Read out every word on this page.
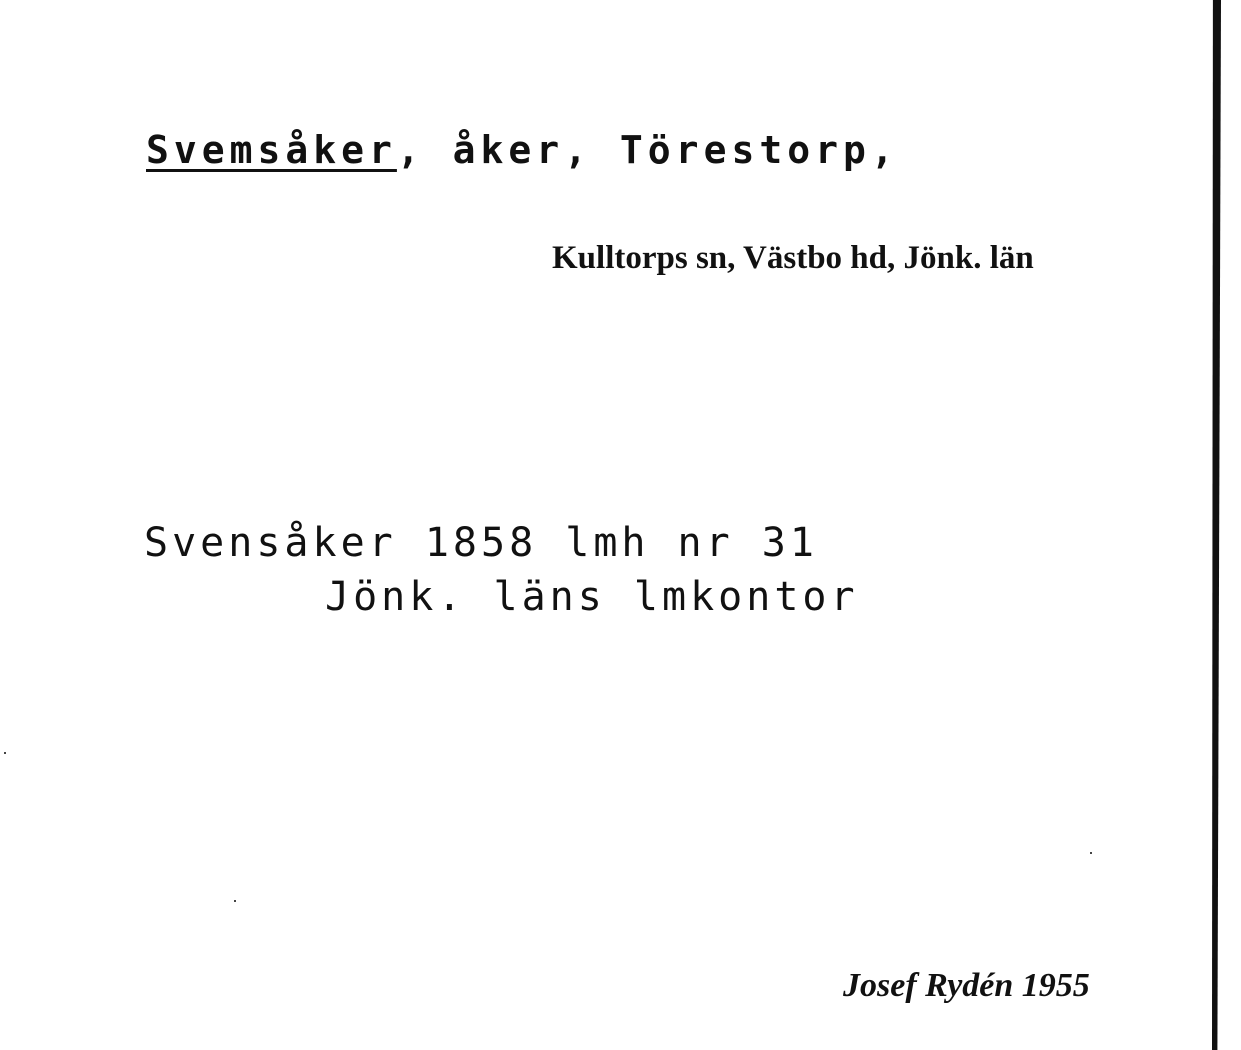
Svemsåker, åker, Törestorp,
Kulltorps sn, Västbo hd, Jönk. län
Svensåker 1858 lmh nr 31
Jönk. läns lmkontor
Josef Rydén 1955
